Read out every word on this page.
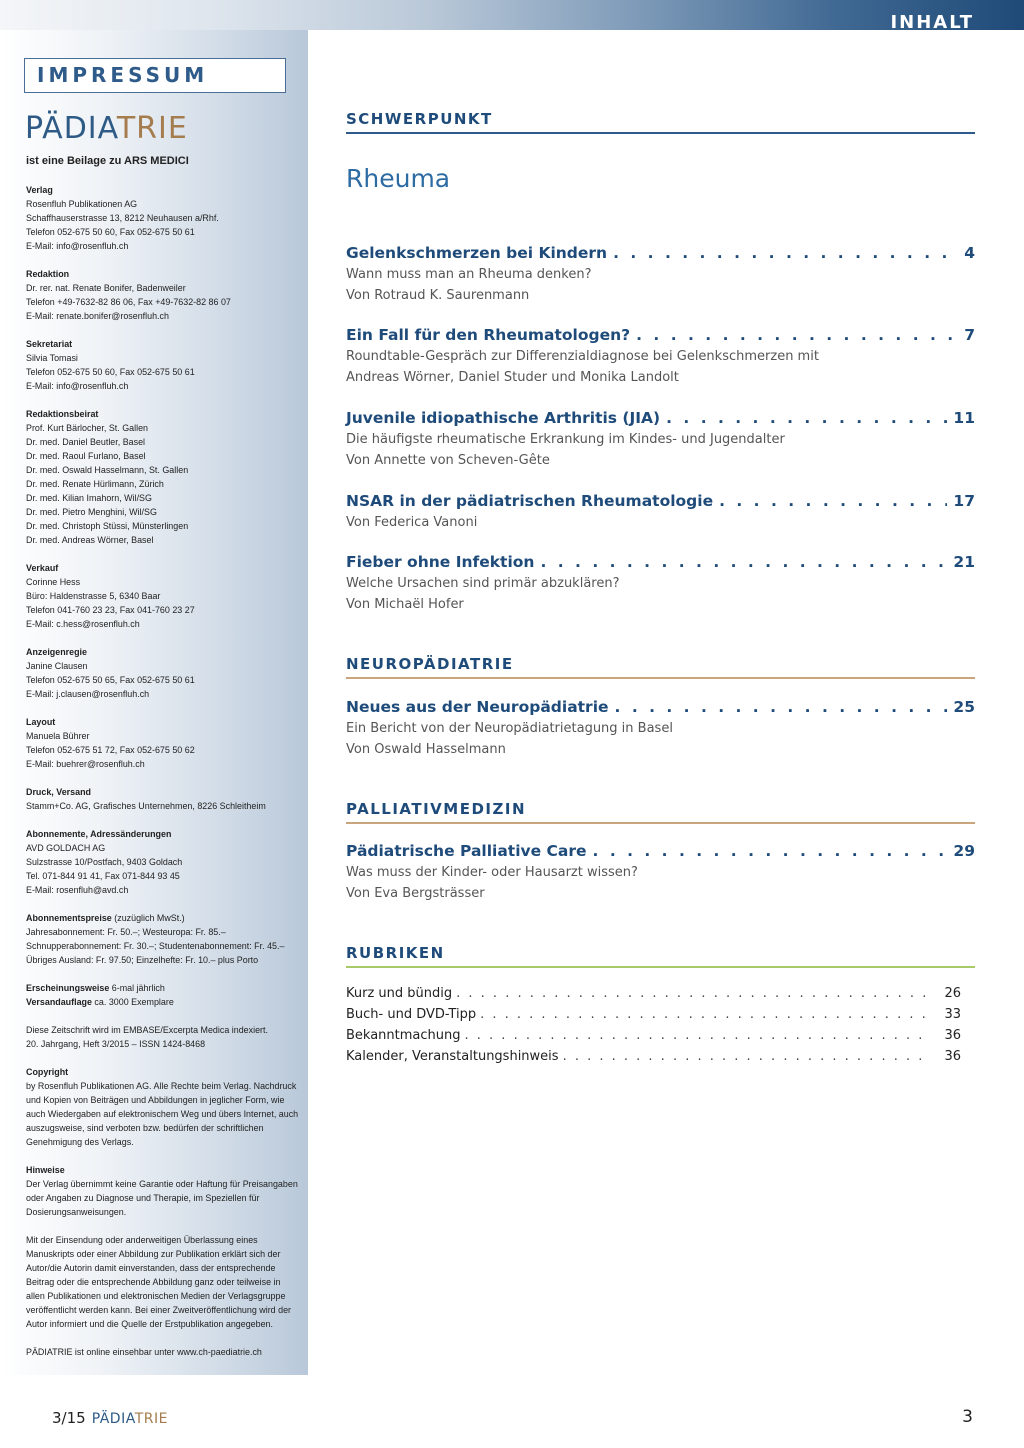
INHALT
IMPRESSUM
PÄDIATRIE
ist eine Beilage zu ARS MEDICI
Verlag
Rosenfluh Publikationen AG
Schaffhauserstrasse 13, 8212 Neuhausen a/Rhf.
Telefon 052-675 50 60, Fax 052-675 50 61
E-Mail: info@rosenfluh.ch
Redaktion
Dr. rer. nat. Renate Bonifer, Badenweiler
Telefon +49-7632-82 86 06, Fax +49-7632-82 86 07
E-Mail: renate.bonifer@rosenfluh.ch
Sekretariat
Silvia Tomasi
Telefon 052-675 50 60, Fax 052-675 50 61
E-Mail: info@rosenfluh.ch
Redaktionsbeirat
Prof. Kurt Bärlocher, St. Gallen
Dr. med. Daniel Beutler, Basel
Dr. med. Raoul Furlano, Basel
Dr. med. Oswald Hasselmann, St. Gallen
Dr. med. Renate Hürlimann, Zürich
Dr. med. Kilian Imahorn, Wil/SG
Dr. med. Pietro Menghini, Wil/SG
Dr. med. Christoph Stüssi, Münsterlingen
Dr. med. Andreas Wörner, Basel
Verkauf
Corinne Hess
Büro: Haldenstrasse 5, 6340 Baar
Telefon 041-760 23 23, Fax 041-760 23 27
E-Mail: c.hess@rosenfluh.ch
Anzeigenregie
Janine Clausen
Telefon 052-675 50 65, Fax 052-675 50 61
E-Mail: j.clausen@rosenfluh.ch
Layout
Manuela Bührer
Telefon 052-675 51 72, Fax 052-675 50 62
E-Mail: buehrer@rosenfluh.ch
Druck, Versand
Stamm+Co. AG, Grafisches Unternehmen, 8226 Schleitheim
Abonnemente, Adressänderungen
AVD GOLDACH AG
Sulzstrasse 10/Postfach, 9403 Goldach
Tel. 071-844 91 41, Fax 071-844 93 45
E-Mail: rosenfluh@avd.ch
Abonnementspreise (zuzüglich MwSt.)
Jahresabonnement: Fr. 50.–; Westeuropa: Fr. 85.–
Schnupperabonnement: Fr. 30.–; Studentenabonnement: Fr. 45.–
Übriges Ausland: Fr. 97.50; Einzelhefte: Fr. 10.– plus Porto
Erscheinungsweise 6-mal jährlich
Versandauflage ca. 3000 Exemplare
Diese Zeitschrift wird im EMBASE/Excerpta Medica indexiert.
20. Jahrgang, Heft 3/2015 – ISSN 1424-8468
Copyright
by Rosenfluh Publikationen AG. Alle Rechte beim Verlag. Nachdruck und Kopien von Beiträgen und Abbildungen in jeglicher Form, wie auch Wiedergaben auf elektronischem Weg und übers Internet, auch auszugsweise, sind verboten bzw. bedürfen der schriftlichen Genehmigung des Verlags.
Hinweise
Der Verlag übernimmt keine Garantie oder Haftung für Preisangaben oder Angaben zu Diagnose und Therapie, im Speziellen für Dosierungsanweisungen.
Mit der Einsendung oder anderweitigen Überlassung eines Manuskripts oder einer Abbildung zur Publikation erklärt sich der Autor/die Autorin damit einverstanden, dass der entsprechende Beitrag oder die entsprechende Abbildung ganz oder teilweise in allen Publikationen und elektronischen Medien der Verlagsgruppe veröffentlicht werden kann. Bei einer Zweitveröffentlichung wird der Autor informiert und die Quelle der Erstpublikation angegeben.
PÄDIATRIE ist online einsehbar unter www.ch-paediatrie.ch
SCHWERPUNKT
Rheuma
Gelenkschmerzen bei Kindern . . .	4
Wann muss man an Rheuma denken?
Von Rotraud K. Saurenmann
Ein Fall für den Rheumatologen? . . .	7
Roundtable-Gespräch zur Differenzialdiagnose bei Gelenkschmerzen mit
Andreas Wörner, Daniel Studer und Monika Landolt
Juvenile idiopathische Arthritis (JIA) . . .	11
Die häufigste rheumatische Erkrankung im Kindes- und Jugendalter
Von Annette von Scheven-Gête
NSAR in der pädiatrischen Rheumatologie . . .	17
Von Federica Vanoni
Fieber ohne Infektion . . .	21
Welche Ursachen sind primär abzuklären?
Von Michaël Hofer
NEUROPÄDIATRIE
Neues aus der Neuropädiatrie . . .	25
Ein Bericht von der Neuropädiatrietagung in Basel
Von Oswald Hasselmann
PALLIATIVMEDIZIN
Pädiatrische Palliative Care . . .	29
Was muss der Kinder- oder Hausarzt wissen?
Von Eva Bergsträsser
RUBRIKEN
Kurz und bündig . . .	26
Buch- und DVD-Tipp . . .	33
Bekanntmachung . . .	36
Kalender, Veranstaltungshinweis . . .	36
3/15 PÄDIATRIE	3
